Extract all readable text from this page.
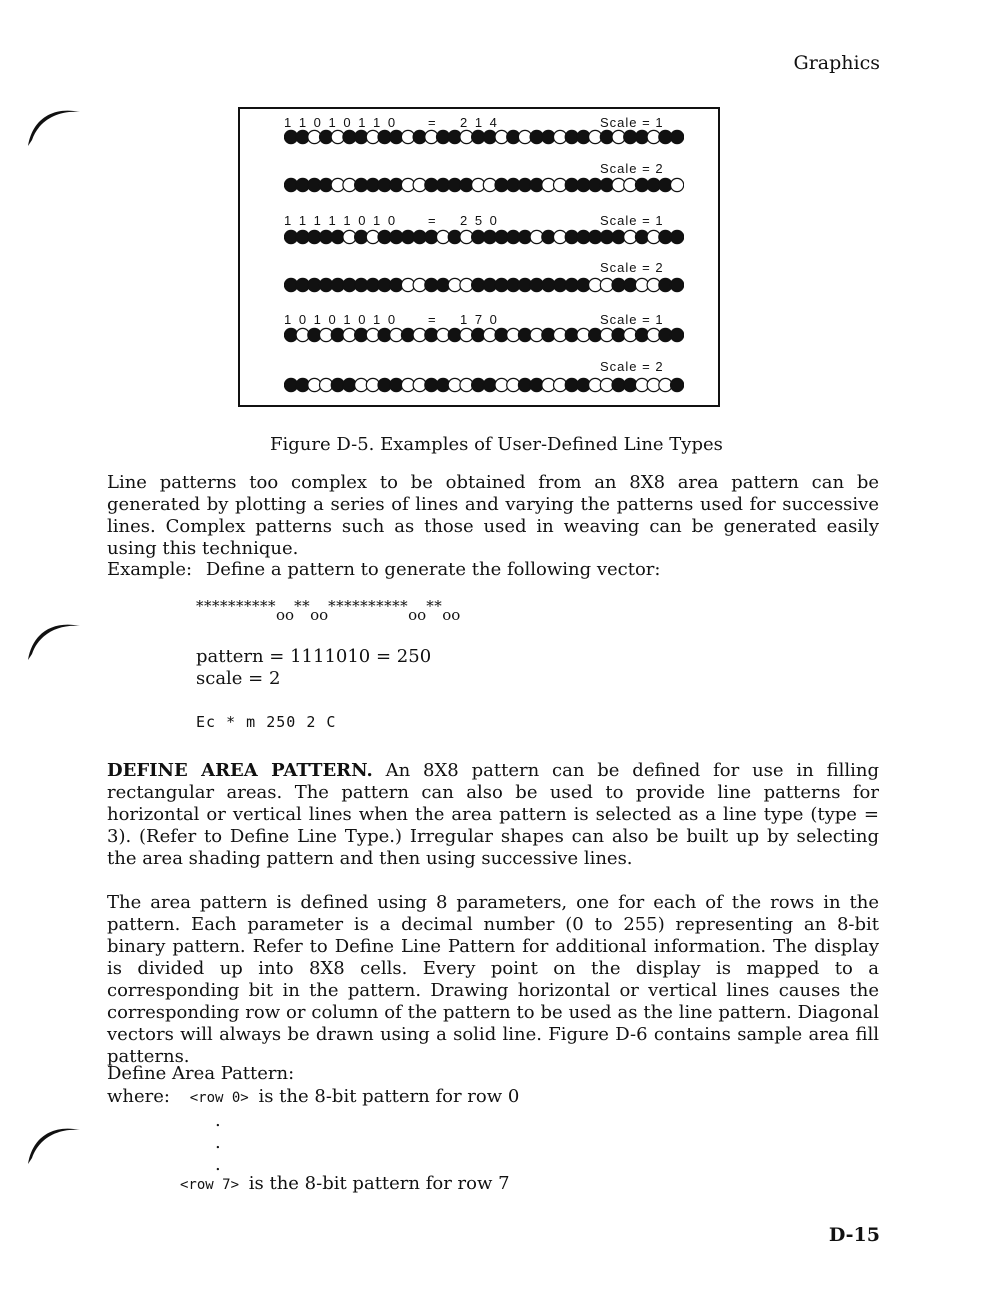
Graphics
1 1 0 1 0 1 1 0 = 2 1 4	Scale = 1
Scale = 2
1 1 1 1 1 0 1 0 = 2 5 0	Scale = 1
Scale = 2
1 0 1 0 1 0 1 0 = 1 7 0	Scale = 1
Scale = 2
Figure D-5. Examples of User-Defined Line Types
Line patterns too complex to be obtained from an 8X8 area pattern can be generated by plotting a series of lines and varying the patterns used for successive lines. Complex patterns such as those used in weaving can be generated easily using this technique.
Example: Define a pattern to generate the following vector:
**********oo**oo**********oo**oo
pattern = 1111010 = 250
scale = 2
Ec * m 250 2 C
DEFINE AREA PATTERN. An 8X8 pattern can be defined for use in filling rectangular areas. The pattern can also be used to provide line patterns for horizontal or vertical lines when the area pattern is selected as a line type (type = 3). (Refer to Define Line Type.) Irregular shapes can also be built up by selecting the area shading pattern and then using successive lines.
The area pattern is defined using 8 parameters, one for each of the rows in the pattern. Each parameter is a decimal number (0 to 255) representing an 8-bit binary pattern. Refer to Define Line Pattern for additional information. The display is divided up into 8X8 cells. Every point on the display is mapped to a corresponding bit in the pattern. Drawing horizontal or vertical lines causes the corresponding row or column of the pattern to be used as the line pattern. Diagonal vectors will always be drawn using a solid line. Figure D-6 contains sample area fill patterns.
Define Area Pattern:
where: <row 0> is the 8-bit pattern for row 0
.
.
.
<row 7> is the 8-bit pattern for row 7
D-15
